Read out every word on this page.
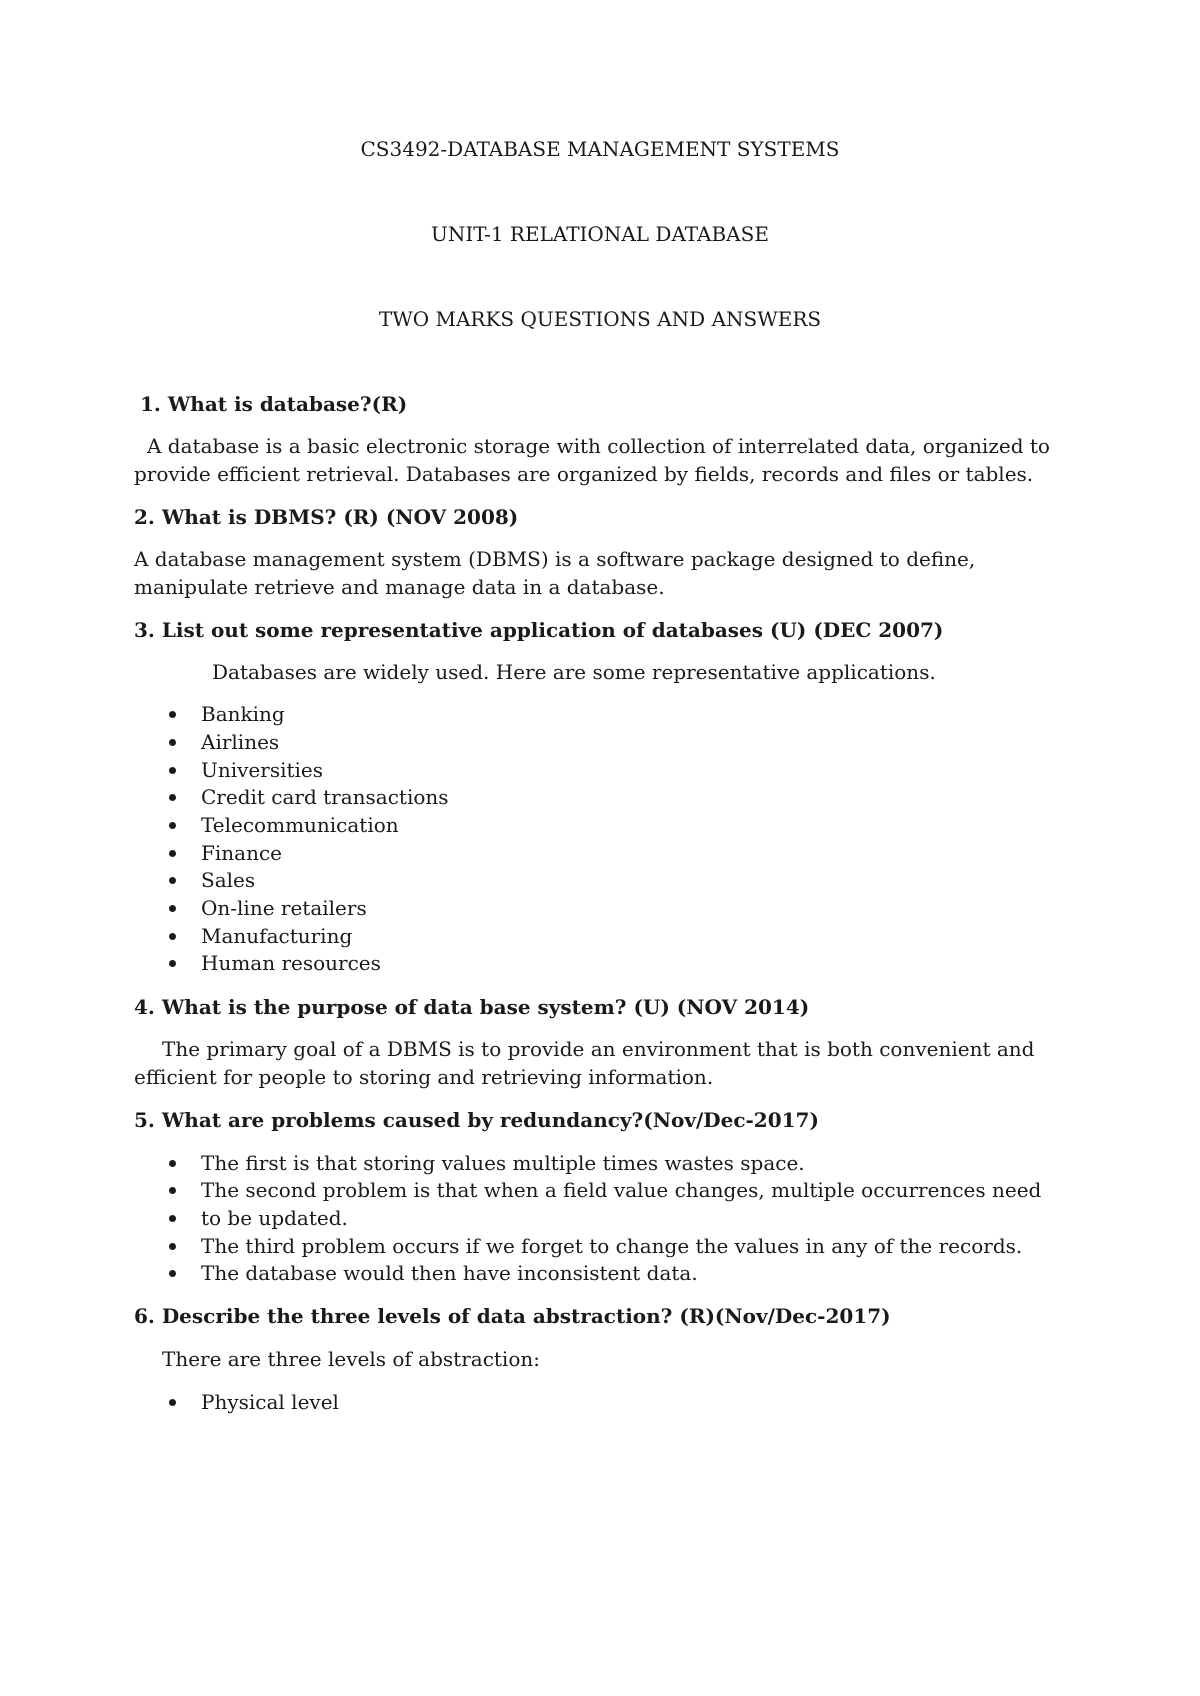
CS3492-DATABASE MANAGEMENT SYSTEMS
UNIT-1 RELATIONAL DATABASE
TWO MARKS QUESTIONS AND ANSWERS
1. What is database?(R)
A database is a basic electronic storage with collection of interrelated data, organized to
provide efficient retrieval. Databases are organized by fields, records and files or tables.
2. What is DBMS? (R) (NOV 2008)
A database management system (DBMS) is a software package designed to define,
manipulate retrieve and manage data in a database.
3. List out some representative application of databases (U) (DEC 2007)
Databases are widely used. Here are some representative applications.
Banking
Airlines
Universities
Credit card transactions
Telecommunication
Finance
Sales
On-line retailers
Manufacturing
Human resources
4. What is the purpose of data base system? (U) (NOV 2014)
The primary goal of a DBMS is to provide an environment that is both convenient and
efficient for people to storing and retrieving information.
5. What are problems caused by redundancy?(Nov/Dec-2017)
The first is that storing values multiple times wastes space.
The second problem is that when a field value changes, multiple occurrences need
to be updated.
The third problem occurs if we forget to change the values in any of the records.
The database would then have inconsistent data.
6. Describe the three levels of data abstraction? (R)(Nov/Dec-2017)
There are three levels of abstraction:
Physical level
